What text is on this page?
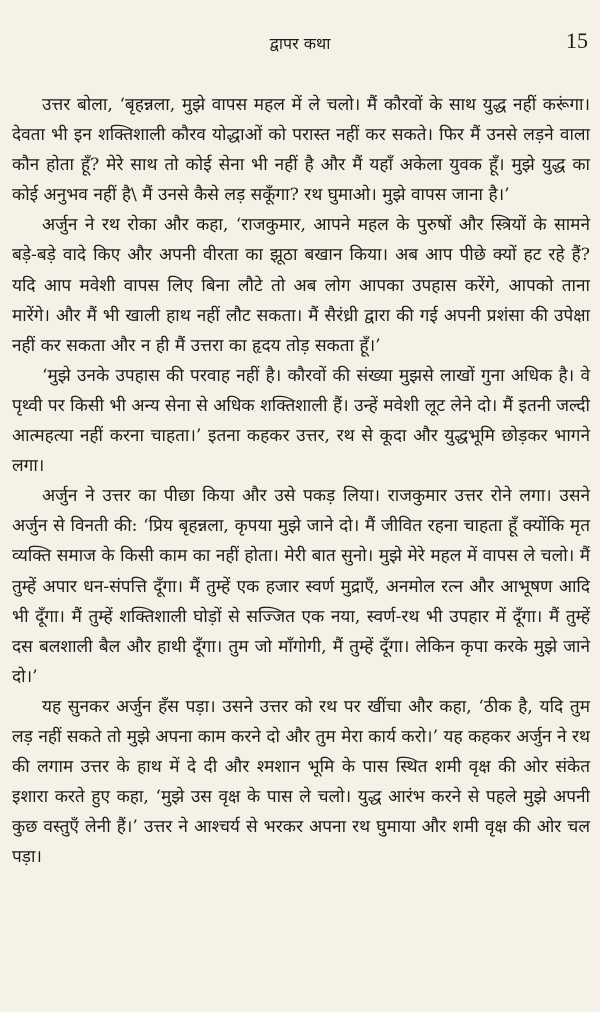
द्वापर कथा	15

उत्तर बोला, ‘बृहन्नला, मुझे वापस महल में ले चलो। मैं कौरवों के साथ युद्ध नहीं करूंगा। देवता भी इन शक्तिशाली कौरव योद्धाओं को परास्त नहीं कर सकते। फिर मैं उनसे लड़ने वाला कौन होता हूँ? मेरे साथ तो कोई सेना भी नहीं है और मैं यहाँ अकेला युवक हूँ। मुझे युद्ध का कोई अनुभव नहीं है\ मैं उनसे कैसे लड़ सकूँगा? रथ घुमाओ। मुझे वापस जाना है।’

अर्जुन ने रथ रोका और कहा, ‘राजकुमार, आपने महल के पुरुषों और स्त्रियों के सामने बड़े-बड़े वादे किए और अपनी वीरता का झूठा बखान किया। अब आप पीछे क्यों हट रहे हैं? यदि आप मवेशी वापस लिए बिना लौटे तो अब लोग आपका उपहास करेंगे, आपको ताना मारेंगे। और मैं भी खाली हाथ नहीं लौट सकता। मैं सैरंध्री द्वारा की गई अपनी प्रशंसा की उपेक्षा नहीं कर सकता और न ही मैं उत्तरा का हृदय तोड़ सकता हूँ।’

‘मुझे उनके उपहास की परवाह नहीं है। कौरवों की संख्या मुझसे लाखों गुना अधिक है। वे पृथ्वी पर किसी भी अन्य सेना से अधिक शक्तिशाली हैं। उन्हें मवेशी लूट लेने दो। मैं इतनी जल्दी आत्महत्या नहीं करना चाहता।’ इतना कहकर उत्तर, रथ से कूदा और युद्धभूमि छोड़कर भागने लगा।

अर्जुन ने उत्तर का पीछा किया और उसे पकड़ लिया। राजकुमार उत्तर रोने लगा। उसने अर्जुन से विनती की: ‘प्रिय बृहन्नला, कृपया मुझे जाने दो। मैं जीवित रहना चाहता हूँ क्योंकि मृत व्यक्ति समाज के किसी काम का नहीं होता। मेरी बात सुनो। मुझे मेरे महल में वापस ले चलो। मैं तुम्हें अपार धन-संपत्ति दूँगा। मैं तुम्हें एक हजार स्वर्ण मुद्राएँ, अनमोल रत्न और आभूषण आदि भी दूँगा। मैं तुम्हें शक्तिशाली घोड़ों से सज्जित एक नया, स्वर्ण-रथ भी उपहार में दूँगा। मैं तुम्हें दस बलशाली बैल और हाथी दूँगा। तुम जो माँगोगी, मैं तुम्हें दूँगा। लेकिन कृपा करके मुझे जाने दो।’

यह सुनकर अर्जुन हँस पड़ा। उसने उत्तर को रथ पर खींचा और कहा, ‘ठीक है, यदि तुम लड़ नहीं सकते तो मुझे अपना काम करने दो और तुम मेरा कार्य करो।’ यह कहकर अर्जुन ने रथ की लगाम उत्तर के हाथ में दे दी और श्मशान भूमि के पास स्थित शमी वृक्ष की ओर संकेत इशारा करते हुए कहा, ‘मुझे उस वृक्ष के पास ले चलो। युद्ध आरंभ करने से पहले मुझे अपनी कुछ वस्तुएँ लेनी हैं।’ उत्तर ने आश्चर्य से भरकर अपना रथ घुमाया और शमी वृक्ष की ओर चल पड़ा।
